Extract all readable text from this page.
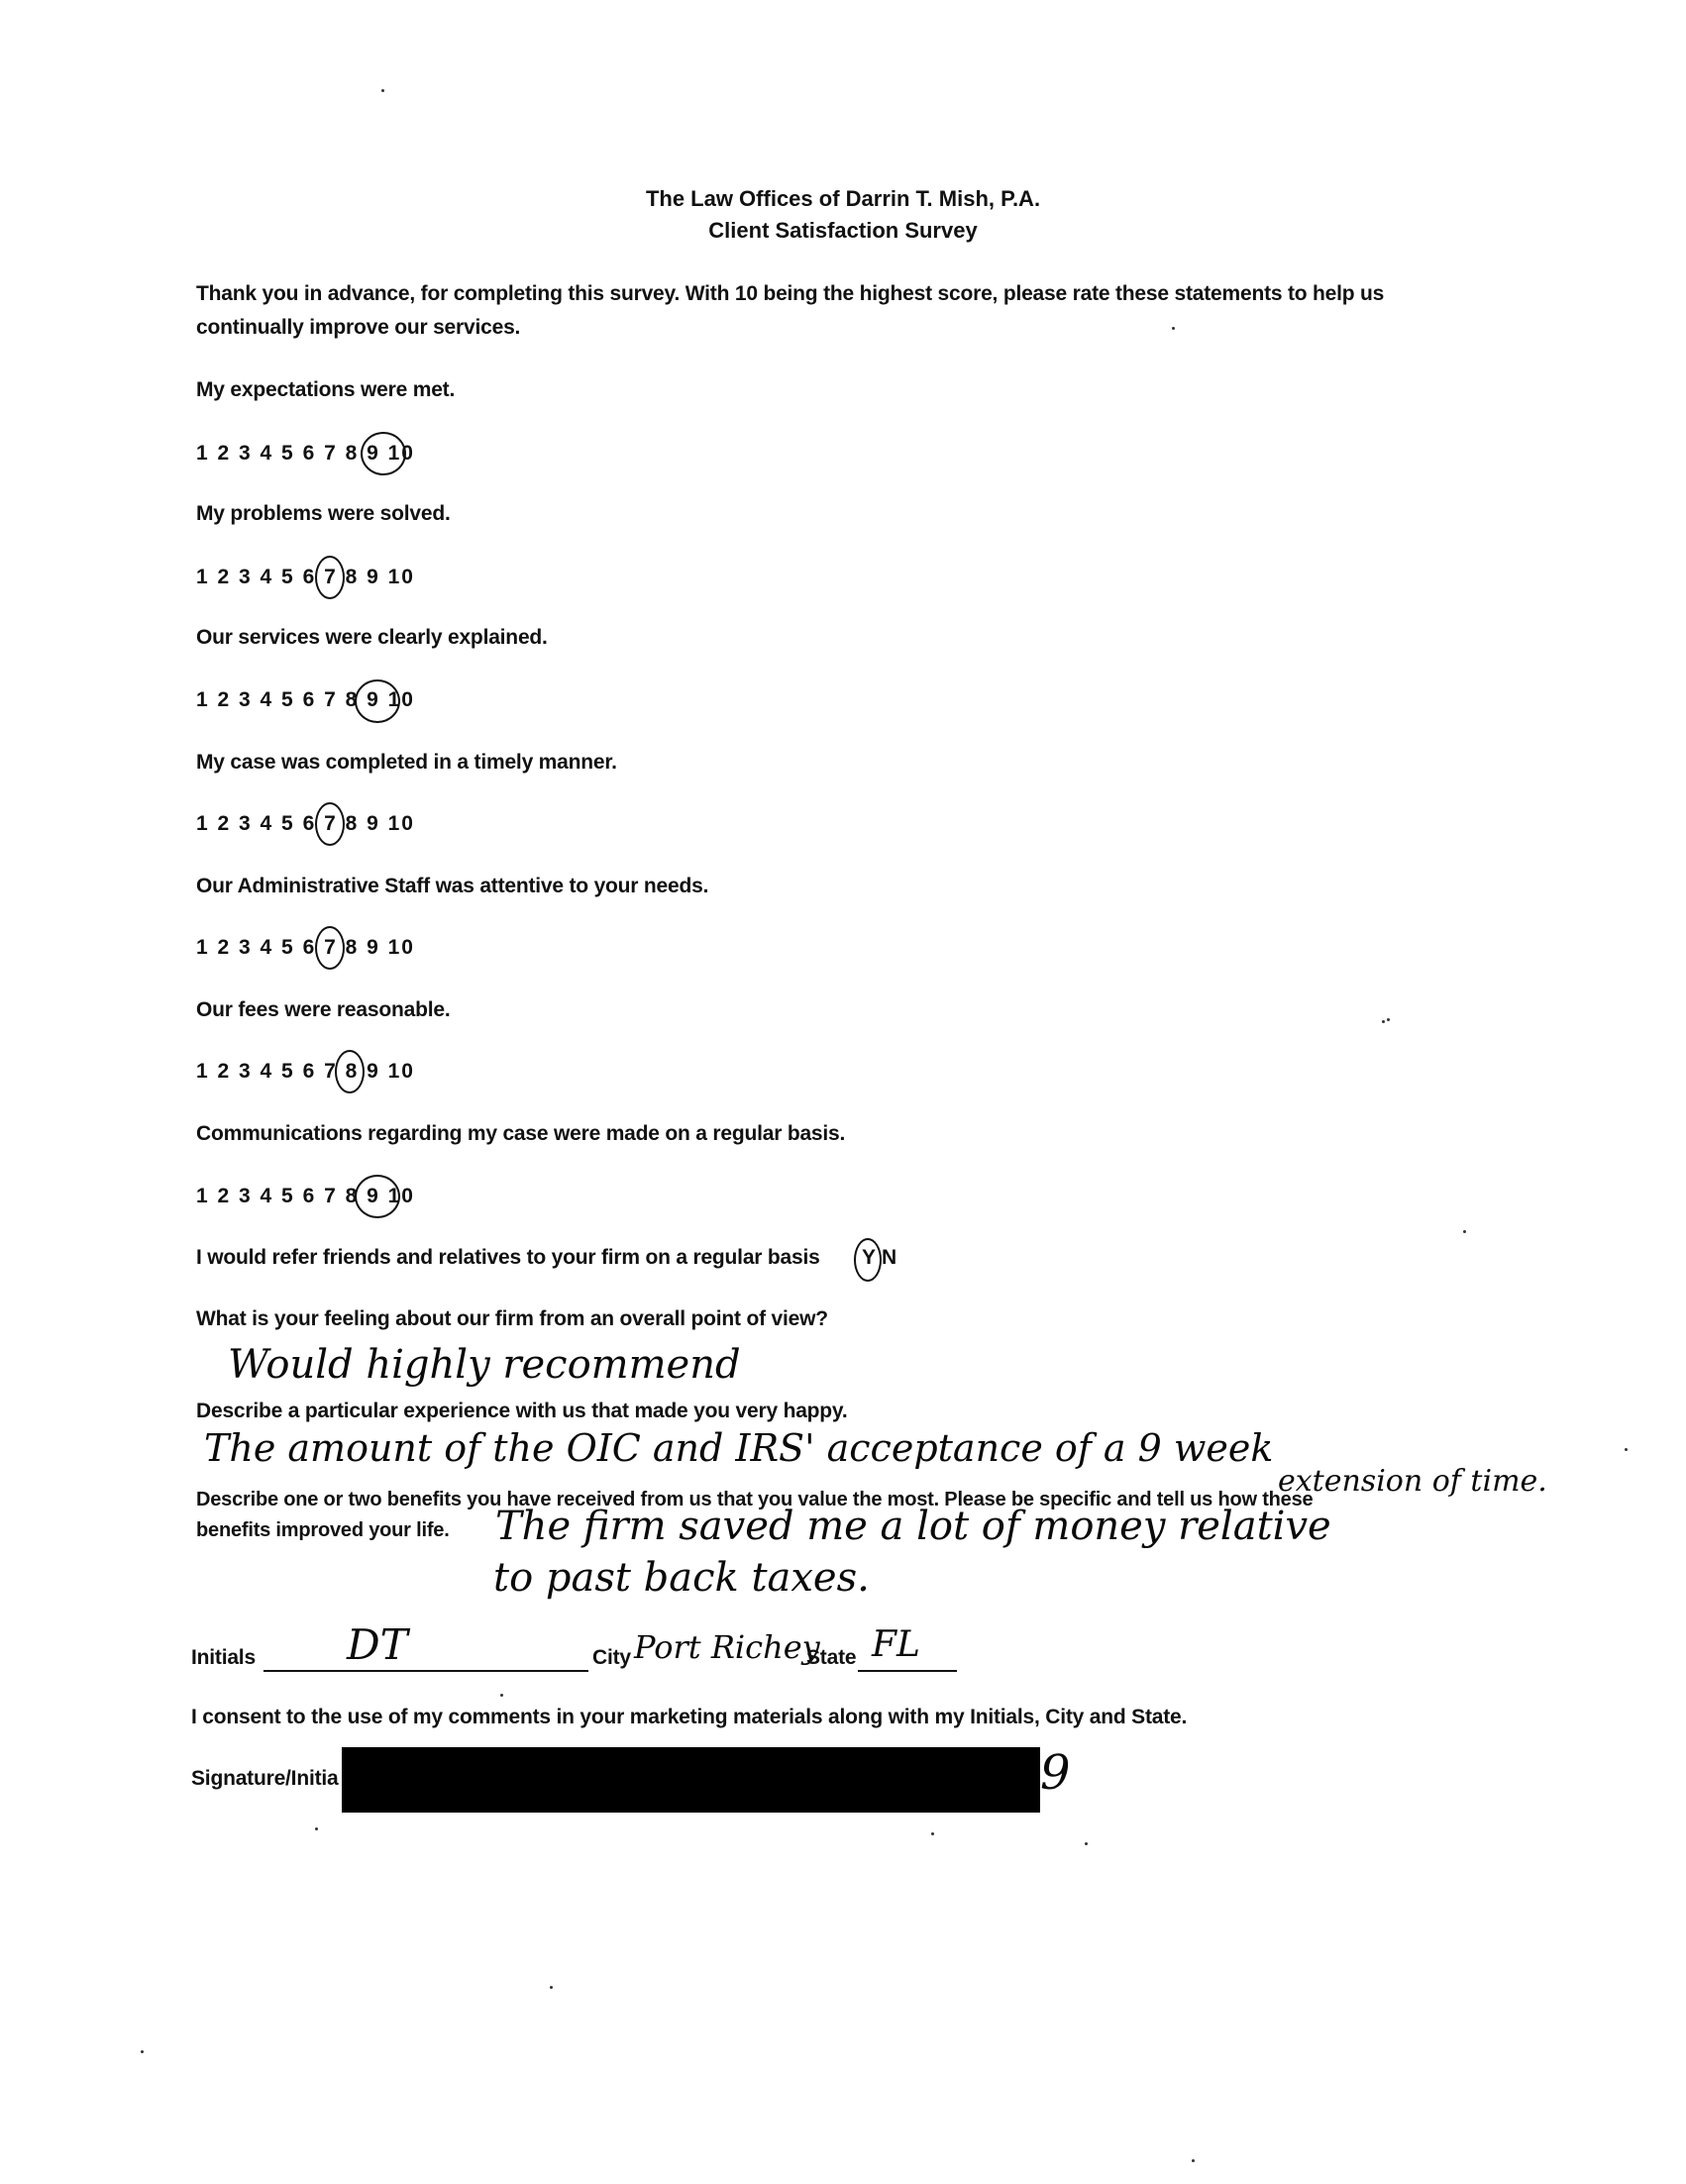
The Law Offices of Darrin T. Mish, P.A.
Client Satisfaction Survey
Thank you in advance, for completing this survey. With 10 being the highest score, please rate these statements to help us
continually improve our services.
My expectations were met.
1 2 3 4 5 6 7 8 9 10
My problems were solved.
1 2 3 4 5 6 7 8 9 10
Our services were clearly explained.
1 2 3 4 5 6 7 8 9 10
My case was completed in a timely manner.
1 2 3 4 5 6 7 8 9 10
Our Administrative Staff was attentive to your needs.
1 2 3 4 5 6 7 8 9 10
Our fees were reasonable.
1 2 3 4 5 6 7 8 9 10
Communications regarding my case were made on a regular basis.
1 2 3 4 5 6 7 8 9 10
I would refer friends and relatives to your firm on a regular basis Y N
What is your feeling about our firm from an overall point of view?
Would highly recommend
Describe a particular experience with us that made you very happy.
The amount of the OIC and IRS' acceptance of a 9 week
extension of time.
Describe one or two benefits you have received from us that you value the most. Please be specific and tell us how these
benefits improved your life. The firm saved me a lot of money relative
to past back taxes.
Initials DT	City Port Richey
State FL
I consent to the use of my comments in your marketing materials along with my Initials, City and State.
Signature/Initia	9
